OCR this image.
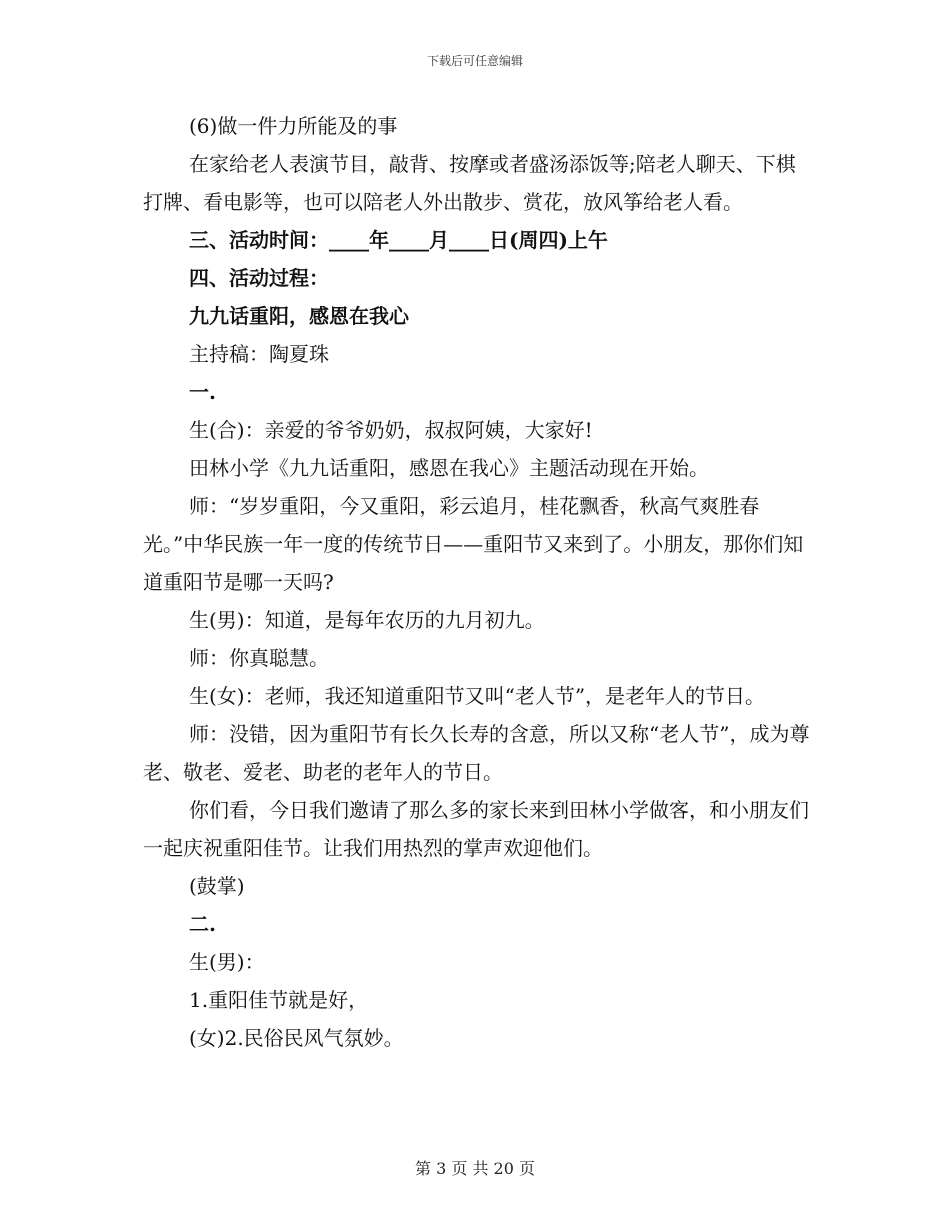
下载后可任意编辑

(6)做一件力所能及的事

在家给老人表演节目，敲背、按摩或者盛汤添饭等;陪老人聊天、下棋打牌、看电影等，也可以陪老人外出散步、赏花，放风筝给老人看。

三、活动时间：____年____月____日(周四)上午

四、活动过程：

九九话重阳，感恩在我心

主持稿：陶夏珠

一.

生(合)：亲爱的爷爷奶奶，叔叔阿姨，大家好!

田林小学《九九话重阳，感恩在我心》主题活动现在开始。

师：“岁岁重阳，今又重阳，彩云追月，桂花飘香，秋高气爽胜春光。”中华民族一年一度的传统节日——重阳节又来到了。小朋友，那你们知道重阳节是哪一天吗?

生(男)：知道，是每年农历的九月初九。

师：你真聪慧。

生(女)：老师，我还知道重阳节又叫“老人节”，是老年人的节日。

师：没错，因为重阳节有长久长寿的含意，所以又称“老人节”，成为尊老、敬老、爱老、助老的老年人的节日。

你们看，今日我们邀请了那么多的家长来到田林小学做客，和小朋友们一起庆祝重阳佳节。让我们用热烈的掌声欢迎他们。

(鼓掌)

二.

生(男)：

1.重阳佳节就是好，

(女)2.民俗民风气氛妙。

第 3 页 共 20 页
